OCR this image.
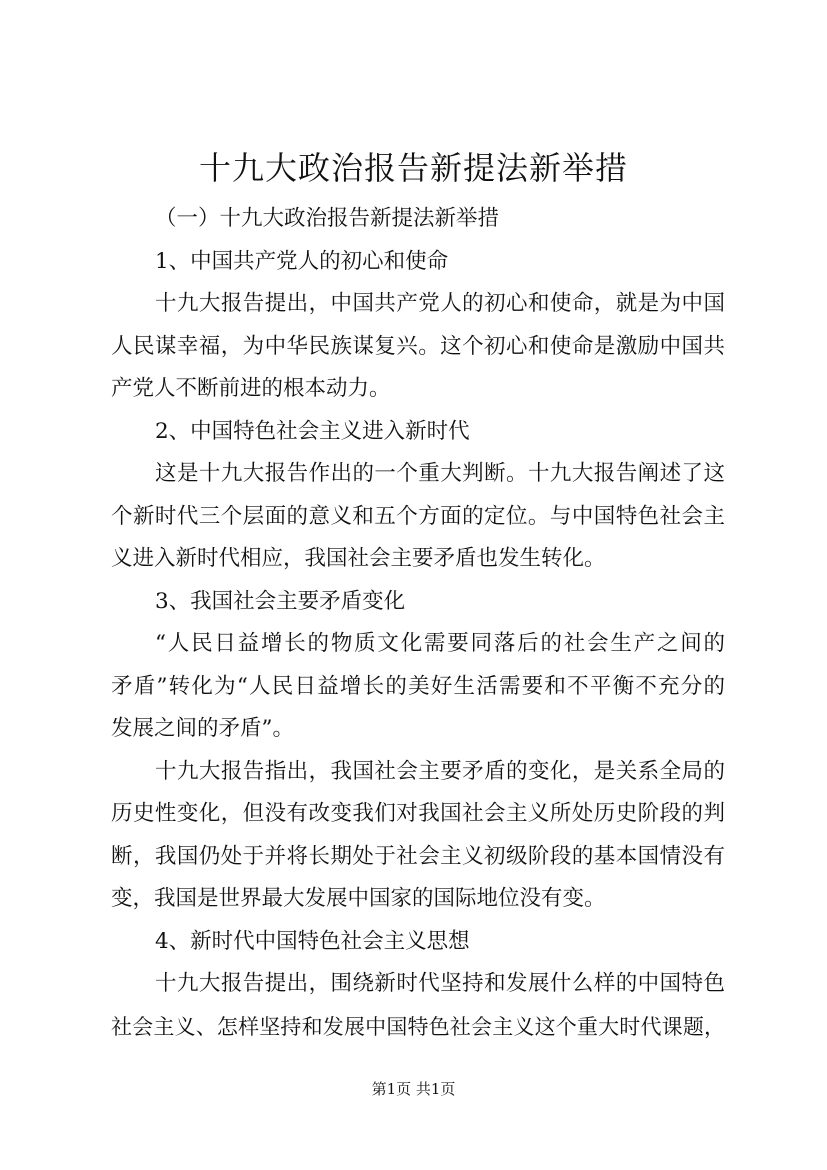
十九大政治报告新提法新举措
（一）十九大政治报告新提法新举措
1、中国共产党人的初心和使命
十九大报告提出，中国共产党人的初心和使命，就是为中国
人民谋幸福，为中华民族谋复兴。这个初心和使命是激励中国共
产党人不断前进的根本动力。
2、中国特色社会主义进入新时代
这是十九大报告作出的一个重大判断。十九大报告阐述了这
个新时代三个层面的意义和五个方面的定位。与中国特色社会主
义进入新时代相应，我国社会主要矛盾也发生转化。
3、我国社会主要矛盾变化
“人民日益增长的物质文化需要同落后的社会生产之间的
矛盾”转化为“人民日益增长的美好生活需要和不平衡不充分的
发展之间的矛盾”。
十九大报告指出，我国社会主要矛盾的变化，是关系全局的
历史性变化，但没有改变我们对我国社会主义所处历史阶段的判
断，我国仍处于并将长期处于社会主义初级阶段的基本国情没有
变，我国是世界最大发展中国家的国际地位没有变。
4、新时代中国特色社会主义思想
十九大报告提出，围绕新时代坚持和发展什么样的中国特色
社会主义、怎样坚持和发展中国特色社会主义这个重大时代课题，
第1页 共1页
